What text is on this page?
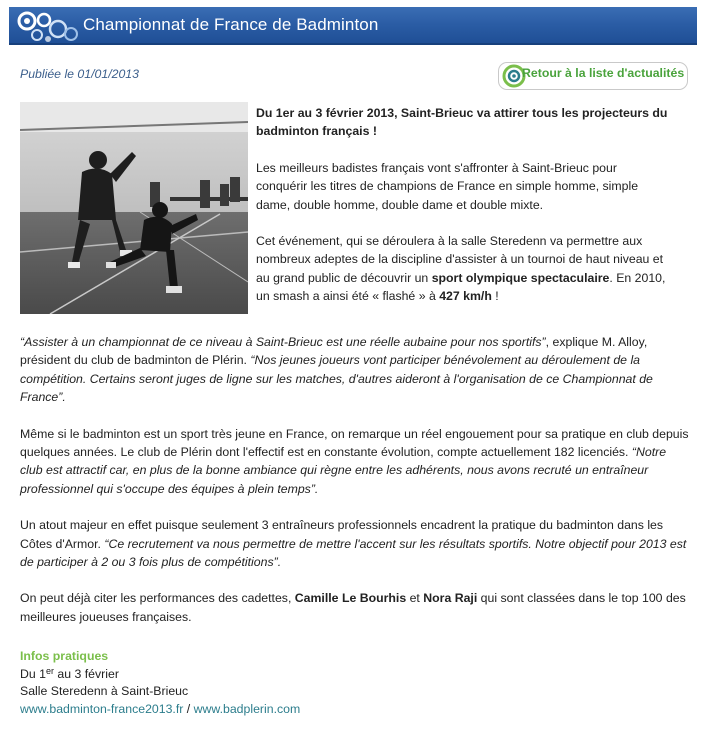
Championnat de France de Badminton
Publiée le 01/01/2013	Retour à la liste d'actualités

Du 1er au 3 février 2013, Saint-Brieuc va attirer tous les projecteurs du badminton français !

Les meilleurs badistes français vont s'affronter à Saint-Brieuc pour conquérir les titres de champions de France en simple homme, simple dame, double homme, double dame et double mixte.

Cet événement, qui se déroulera à la salle Steredenn va permettre aux nombreux adeptes de la discipline d'assister à un tournoi de haut niveau et au grand public de découvrir un sport olympique spectaculaire. En 2010, un smash a ainsi été « flashé » à 427 km/h !

“Assister à un championnat de ce niveau à Saint-Brieuc est une réelle aubaine pour nos sportifs”, explique M. Alloy, président du club de badminton de Plérin. “Nos jeunes joueurs vont participer bénévolement au déroulement de la compétition. Certains seront juges de ligne sur les matches, d'autres aideront à l'organisation de ce Championnat de France”.

Même si le badminton est un sport très jeune en France, on remarque un réel engouement pour sa pratique en club depuis quelques années. Le club de Plérin dont l'effectif est en constante évolution, compte actuellement 182 licenciés. “Notre club est attractif car, en plus de la bonne ambiance qui règne entre les adhérents, nous avons recruté un entraîneur professionnel qui s'occupe des équipes à plein temps”.

Un atout majeur en effet puisque seulement 3 entraîneurs professionnels encadrent la pratique du badminton dans les Côtes d'Armor. “Ce recrutement va nous permettre de mettre l'accent sur les résultats sportifs. Notre objectif pour 2013 est de participer à 2 ou 3 fois plus de compétitions”.

On peut déjà citer les performances des cadettes, Camille Le Bourhis et Nora Raji qui sont classées dans le top 100 des meilleures joueuses françaises.

Infos pratiques
Du 1er au 3 février
Salle Steredenn à Saint-Brieuc
www.badminton-france2013.fr / www.badplerin.com
